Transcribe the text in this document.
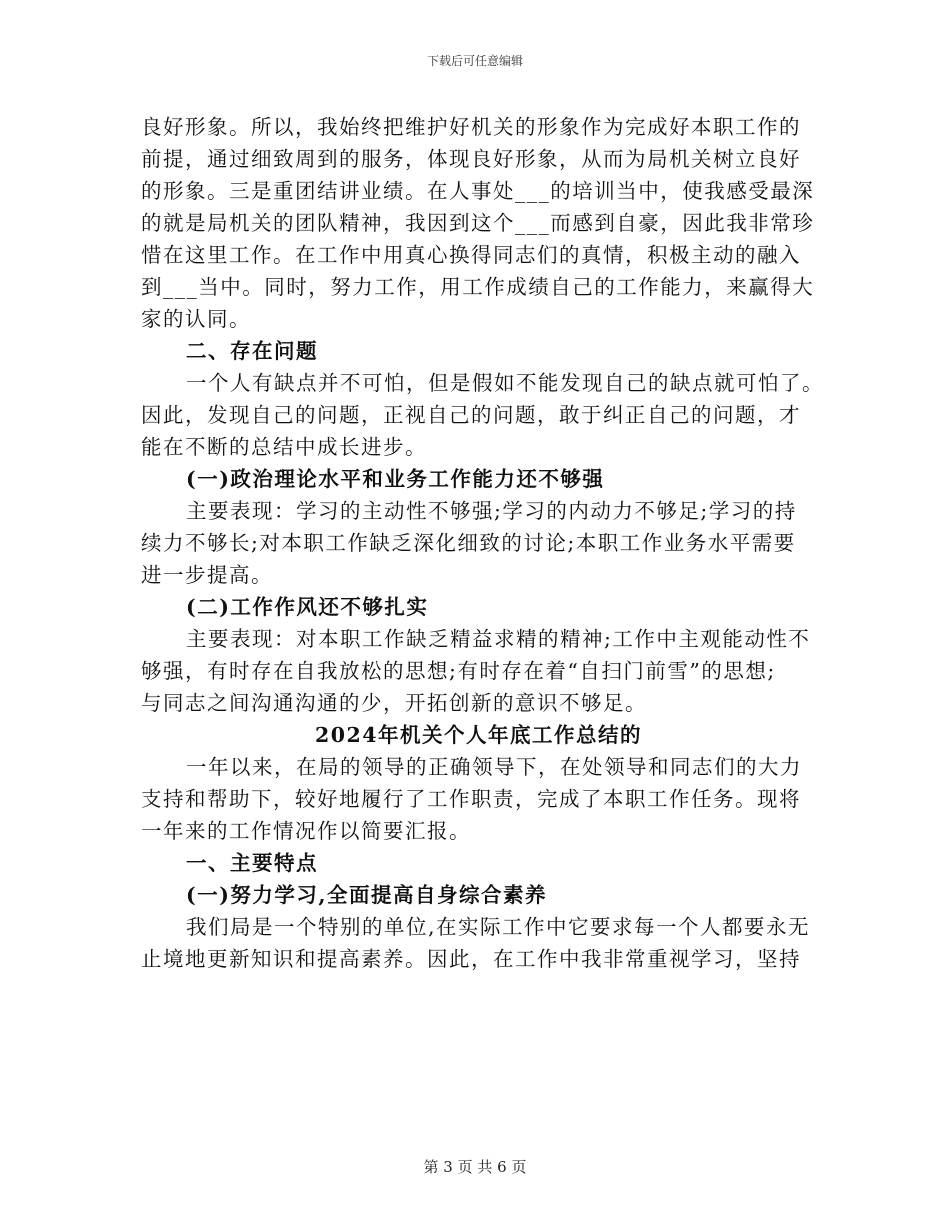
下载后可任意编辑
良好形象。所以，我始终把维护好机关的形象作为完成好本职工作的
前提，通过细致周到的服务，体现良好形象，从而为局机关树立良好
的形象。三是重团结讲业绩。在人事处___的培训当中，使我感受最深
的就是局机关的团队精神，我因到这个___而感到自豪，因此我非常珍
惜在这里工作。在工作中用真心换得同志们的真情，积极主动的融入
到___当中。同时，努力工作，用工作成绩自己的工作能力，来赢得大
家的认同。
二、存在问题
一个人有缺点并不可怕，但是假如不能发现自己的缺点就可怕了。
因此，发现自己的问题，正视自己的问题，敢于纠正自己的问题，才
能在不断的总结中成长进步。
(一)政治理论水平和业务工作能力还不够强
主要表现：学习的主动性不够强;学习的内动力不够足;学习的持
续力不够长;对本职工作缺乏深化细致的讨论;本职工作业务水平需要
进一步提高。
(二)工作作风还不够扎实
主要表现：对本职工作缺乏精益求精的精神;工作中主观能动性不
够强，有时存在自我放松的思想;有时存在着“自扫门前雪”的思想;
与同志之间沟通沟通的少，开拓创新的意识不够足。
2024年机关个人年底工作总结的
一年以来，在局的领导的正确领导下，在处领导和同志们的大力
支持和帮助下，较好地履行了工作职责，完成了本职工作任务。现将
一年来的工作情况作以简要汇报。
一、主要特点
(一)努力学习,全面提高自身综合素养
我们局是一个特别的单位,在实际工作中它要求每一个人都要永无
止境地更新知识和提高素养。因此，在工作中我非常重视学习，坚持
第 3 页 共 6 页
